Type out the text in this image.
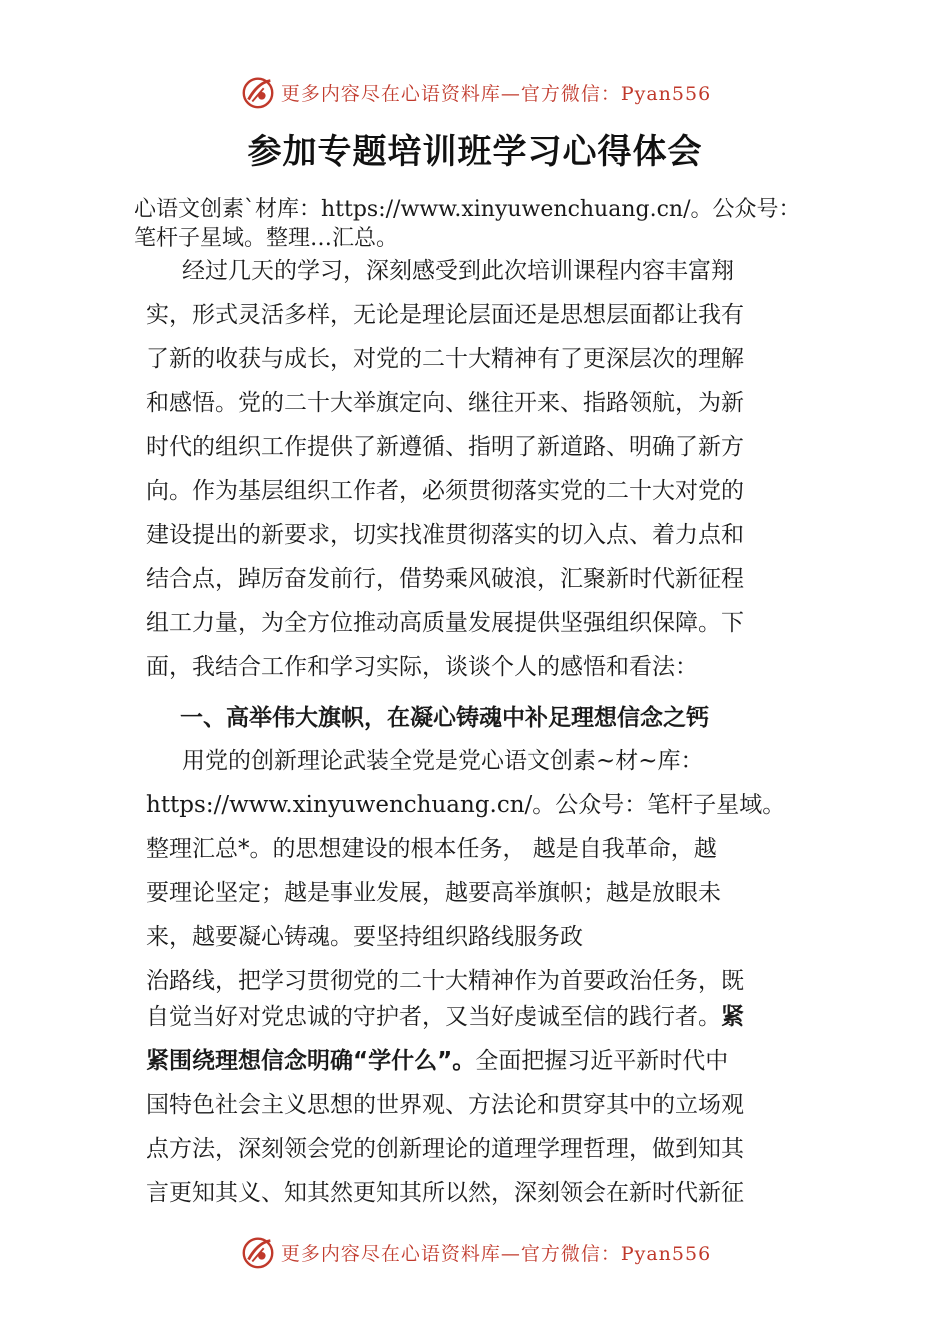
更多内容尽在心语资料库—官方微信：Pyan556
参加专题培训班学习心得体会
心语文创素`材库：https://www.xinyuwenchuang.cn/。公众号：
笔杆子星域。整理…汇总。
经过几天的学习，深刻感受到此次培训课程内容丰富翔
实，形式灵活多样，无论是理论层面还是思想层面都让我有
了新的收获与成长，对党的二十大精神有了更深层次的理解
和感悟。党的二十大举旗定向、继往开来、指路领航，为新
时代的组织工作提供了新遵循、指明了新道路、明确了新方
向。作为基层组织工作者，必须贯彻落实党的二十大对党的
建设提出的新要求，切实找准贯彻落实的切入点、着力点和
结合点，踔厉奋发前行，借势乘风破浪，汇聚新时代新征程
组工力量，为全方位推动高质量发展提供坚强组织保障。下
面，我结合工作和学习实际，谈谈个人的感悟和看法：
一、高举伟大旗帜，在凝心铸魂中补足理想信念之钙
用党的创新理论武装全党是党心语文创素~材~库：
https://www.xinyuwenchuang.cn/。公众号：笔杆子星域。
整理汇总*。的思想建设的根本任务， 越是自我革命，越
要理论坚定；越是事业发展，越要高举旗帜；越是放眼未
来，越要凝心铸魂。要坚持组织路线服务政
治路线，把学习贯彻党的二十大精神作为首要政治任务，既
自觉当好对党忠诚的守护者，又当好虔诚至信的践行者。紧
紧围绕理想信念明确“学什么”。全面把握习近平新时代中
国特色社会主义思想的世界观、方法论和贯穿其中的立场观
点方法，深刻领会党的创新理论的道理学理哲理，做到知其
言更知其义、知其然更知其所以然，深刻领会在新时代新征
更多内容尽在心语资料库—官方微信：Pyan556
